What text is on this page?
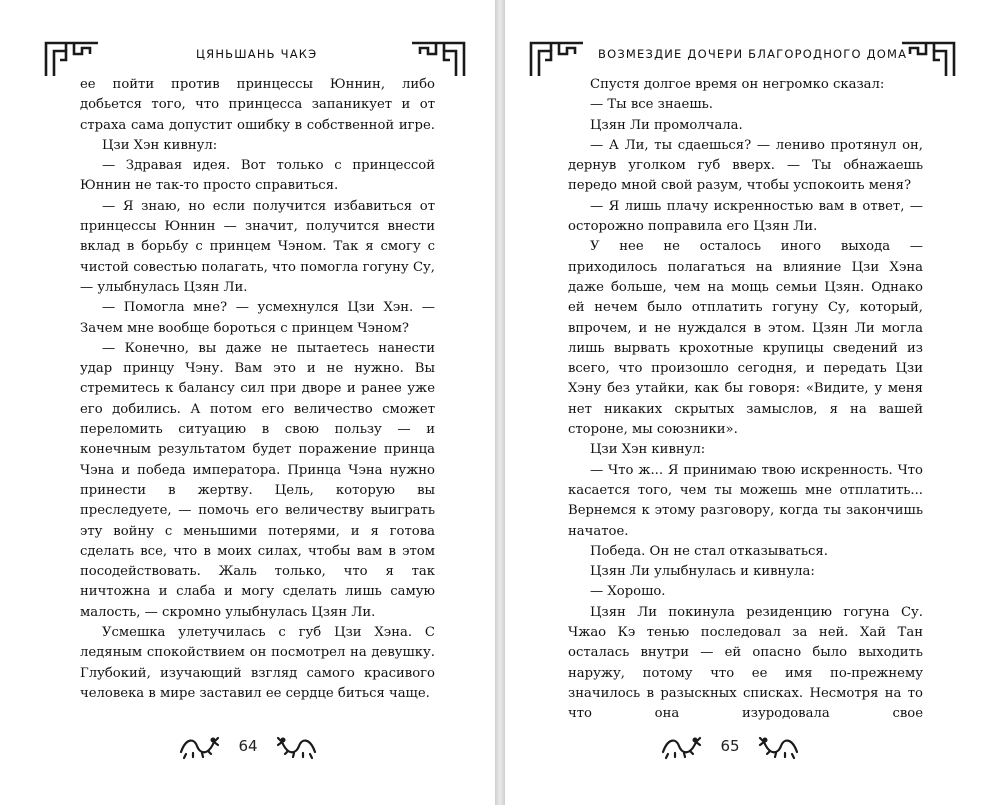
ЦЯНЬШАНЬ ЧАКЭ

ее пойти против принцессы Юннин, либо добьется того, что принцесса запаникует и от страха сама допустит ошибку в собственной игре.

Цзи Хэн кивнул:

— Здравая идея. Вот только с принцессой Юннин не так-то просто справиться.

— Я знаю, но если получится избавиться от принцессы Юннин — значит, получится внести вклад в борьбу с принцем Чэном. Так я смогу с чистой совестью полагать, что помогла гогуну Су, — улыбнулась Цзян Ли.

— Помогла мне? — усмехнулся Цзи Хэн. — Зачем мне вообще бороться с принцем Чэном?

— Конечно, вы даже не пытаетесь нанести удар принцу Чэну. Вам это и не нужно. Вы стремитесь к балансу сил при дворе и ранее уже его добились. А потом его величество сможет переломить ситуацию в свою пользу — и конечным результатом будет поражение принца Чэна и победа императора. Принца Чэна нужно принести в жертву. Цель, которую вы преследуете, — помочь его величеству выиграть эту войну с меньшими потерями, и я готова сделать все, что в моих силах, чтобы вам в этом посодействовать. Жаль только, что я так ничтожна и слаба и могу сделать лишь самую малость, — скромно улыбнулась Цзян Ли.

Усмешка улетучилась с губ Цзи Хэна. С ледяным спокойствием он посмотрел на девушку. Глубокий, изучающий взгляд самого красивого человека в мире заставил ее сердце биться чаще.

64
ВОЗМЕЗДИЕ ДОЧЕРИ БЛАГОРОДНОГО ДОМА

Спустя долгое время он негромко сказал:

— Ты все знаешь.

Цзян Ли промолчала.

— А Ли, ты сдаешься? — лениво протянул он, дернув уголком губ вверх. — Ты обнажаешь передо мной свой разум, чтобы успокоить меня?

— Я лишь плачу искренностью вам в ответ, — осторожно поправила его Цзян Ли.

У нее не осталось иного выхода — приходилось полагаться на влияние Цзи Хэна даже больше, чем на мощь семьи Цзян. Однако ей нечем было отплатить гогуну Су, который, впрочем, и не нуждался в этом. Цзян Ли могла лишь вырвать крохотные крупицы сведений из всего, что произошло сегодня, и передать Цзи Хэну без утайки, как бы говоря: «Видите, у меня нет никаких скрытых замыслов, я на вашей стороне, мы союзники».

Цзи Хэн кивнул:

— Что ж... Я принимаю твою искренность. Что касается того, чем ты можешь мне отплатить... Вернемся к этому разговору, когда ты закончишь начатое.

Победа. Он не стал отказываться.

Цзян Ли улыбнулась и кивнула:

— Хорошо.

Цзян Ли покинула резиденцию гогуна Су. Чжао Кэ тенью последовал за ней. Хай Тан осталась внутри — ей опасно было выходить наружу, потому что ее имя по-прежнему значилось в разыскных списках. Несмотря на то что она изуродовала свое

65
